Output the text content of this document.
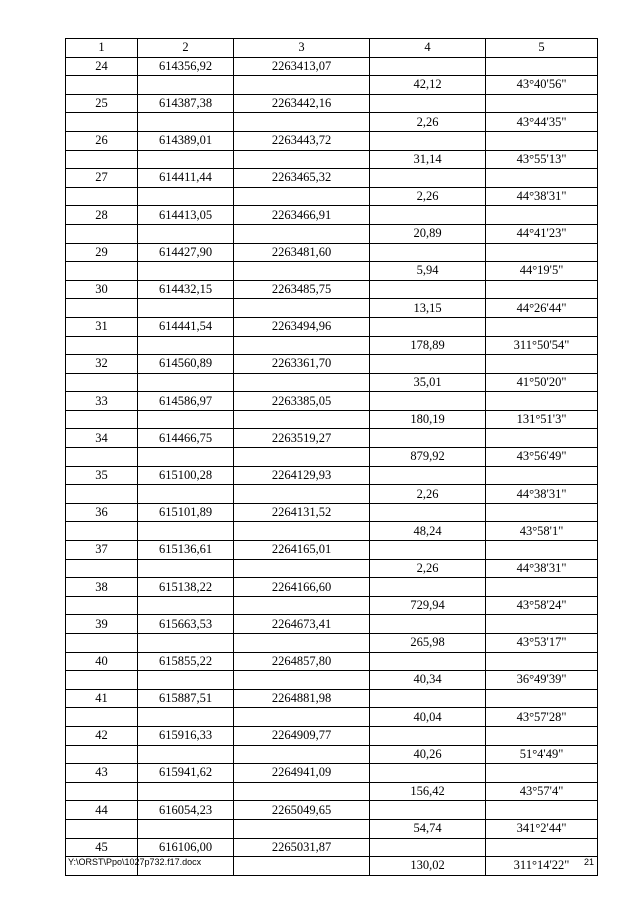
1	2	3	4	5
24	614356,92	2263413,07		
			42,12	43°40'56"
25	614387,38	2263442,16		
			2,26	43°44'35"
26	614389,01	2263443,72		
			31,14	43°55'13"
27	614411,44	2263465,32		
			2,26	44°38'31"
28	614413,05	2263466,91		
			20,89	44°41'23"
29	614427,90	2263481,60		
			5,94	44°19'5"
30	614432,15	2263485,75		
			13,15	44°26'44"
31	614441,54	2263494,96		
			178,89	311°50'54"
32	614560,89	2263361,70		
			35,01	41°50'20"
33	614586,97	2263385,05		
			180,19	131°51'3"
34	614466,75	2263519,27		
			879,92	43°56'49"
35	615100,28	2264129,93		
			2,26	44°38'31"
36	615101,89	2264131,52		
			48,24	43°58'1"
37	615136,61	2264165,01		
			2,26	44°38'31"
38	615138,22	2264166,60		
			729,94	43°58'24"
39	615663,53	2264673,41		
			265,98	43°53'17"
40	615855,22	2264857,80		
			40,34	36°49'39"
41	615887,51	2264881,98		
			40,04	43°57'28"
42	615916,33	2264909,77		
			40,26	51°4'49"
43	615941,62	2264941,09		
			156,42	43°57'4"
44	616054,23	2265049,65		
			54,74	341°2'44"
45	616106,00	2265031,87		
			130,02	311°14'22"
Y:\ORST\Ppo\1027p732.f17.docx	21
